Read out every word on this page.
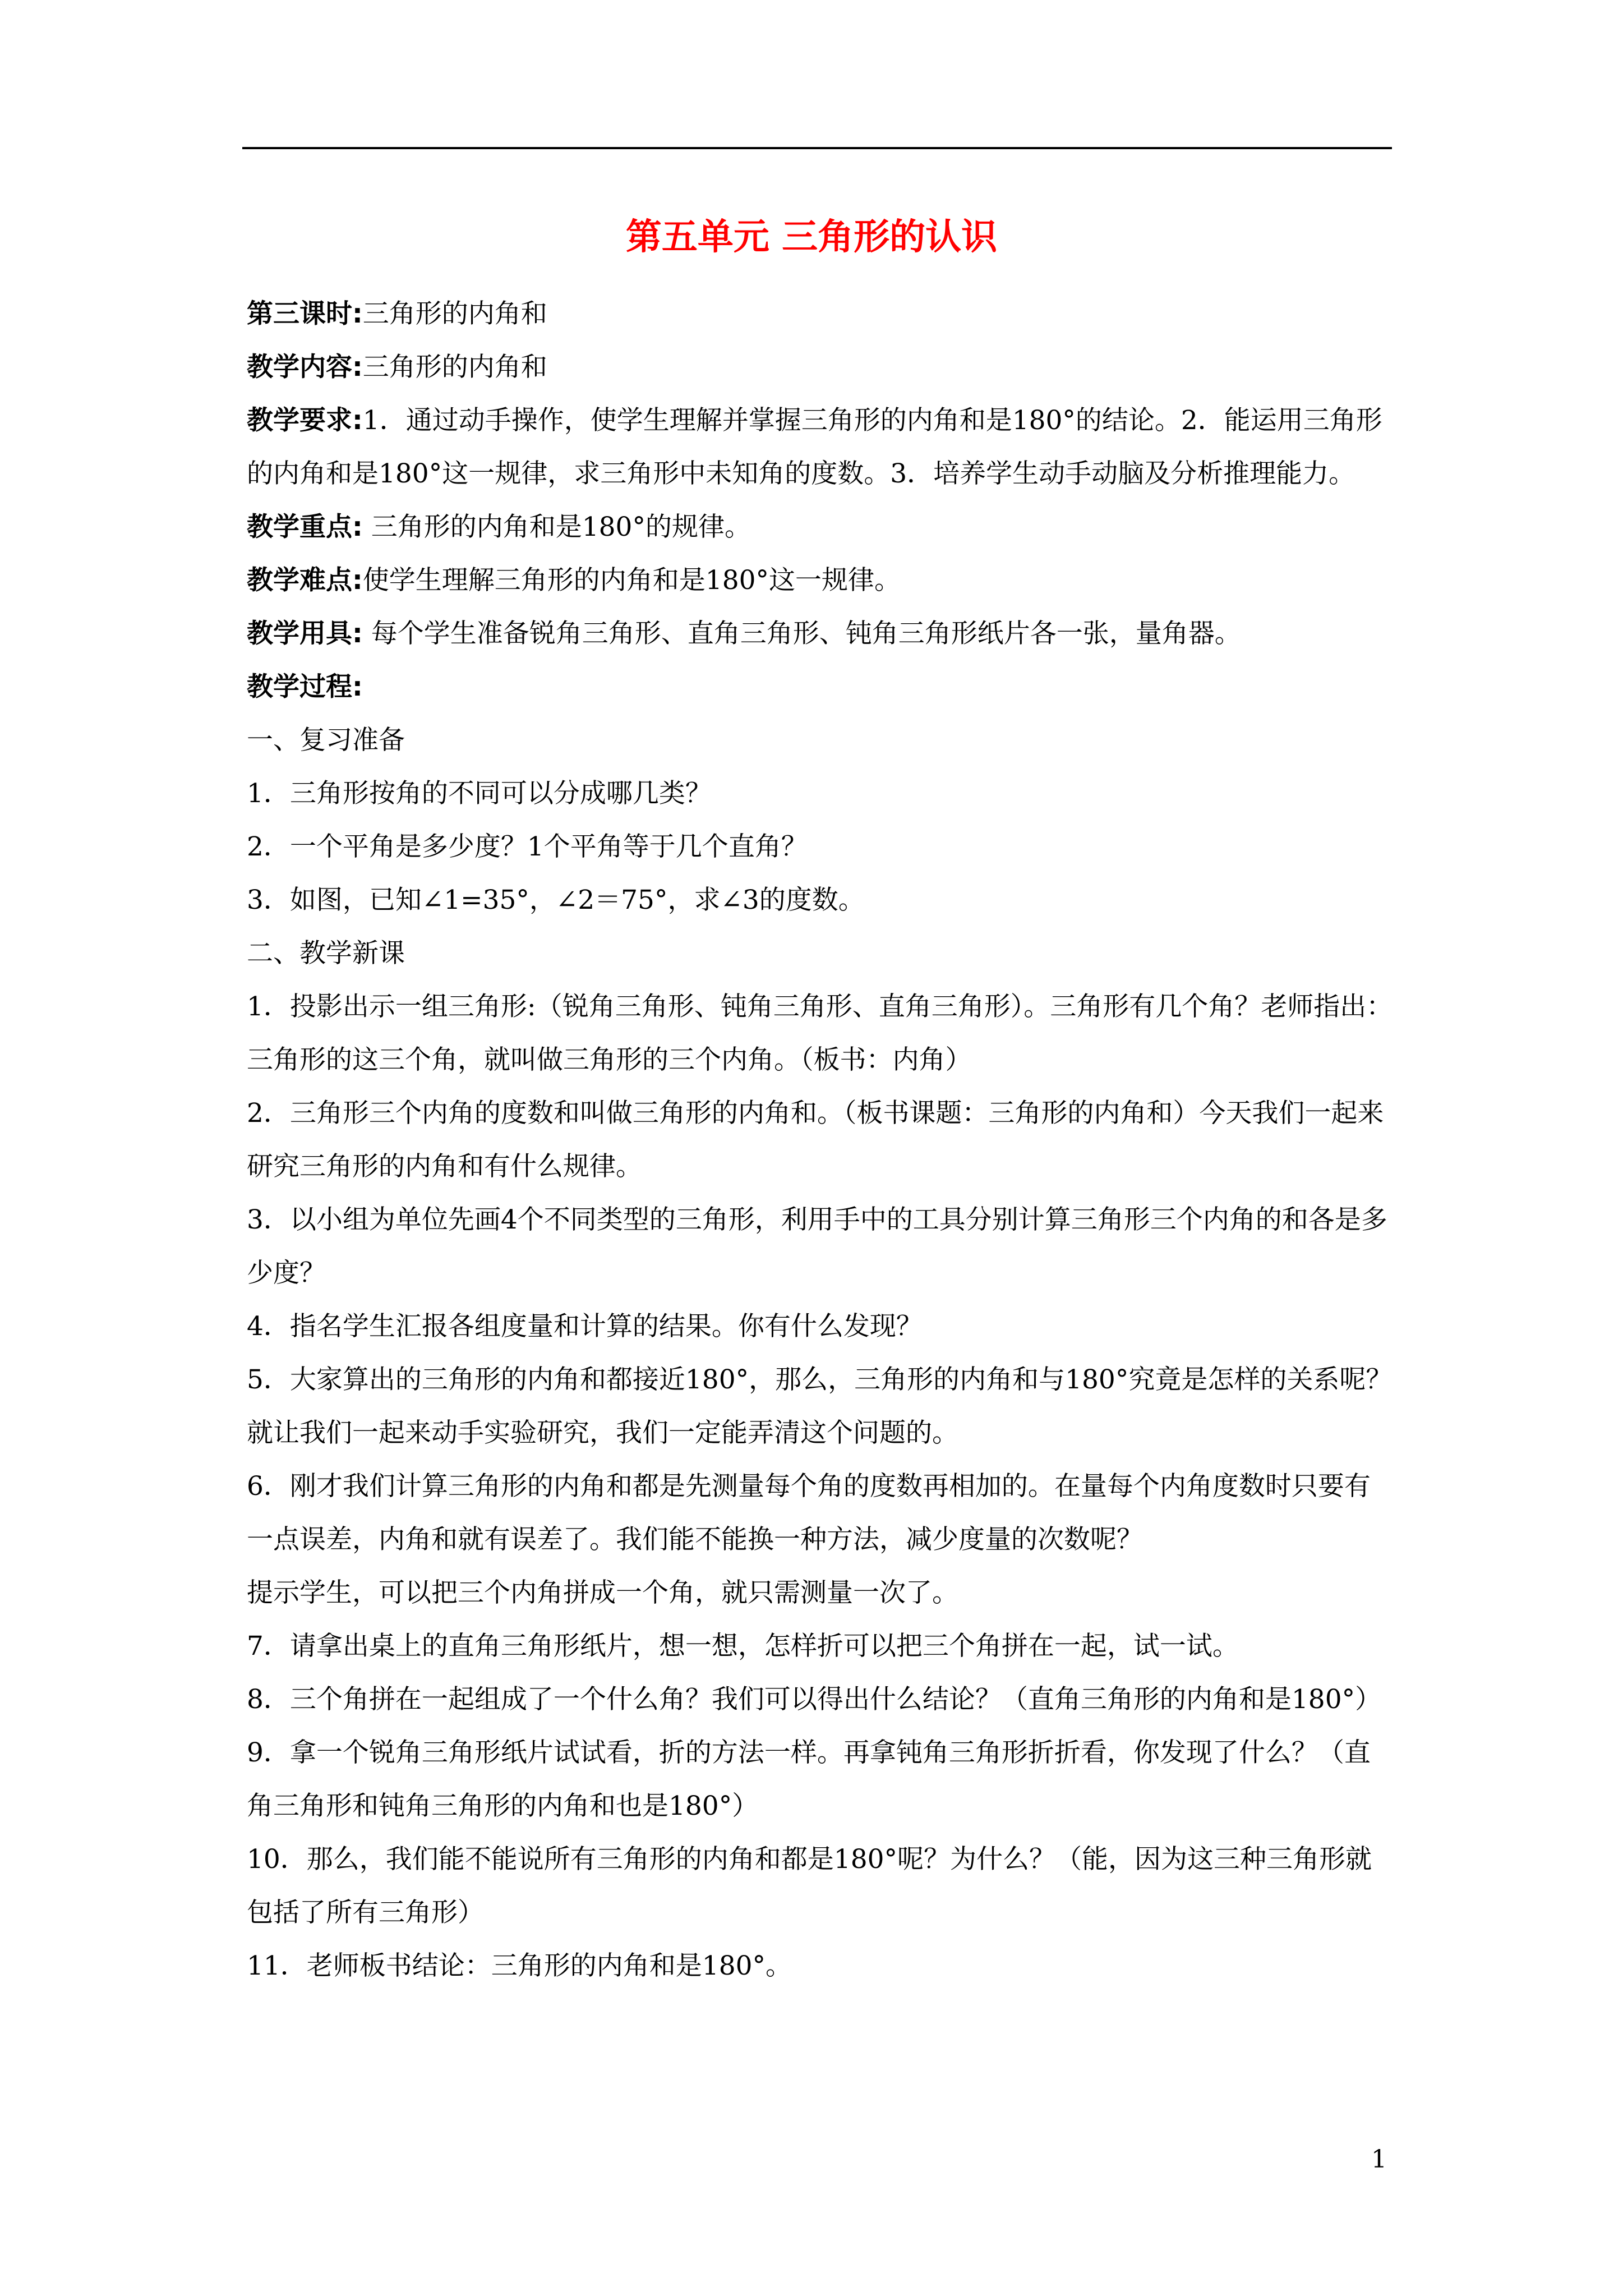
第五单元 三角形的认识

第三课时:三角形的内角和

教学内容:三角形的内角和

教学要求:1．通过动手操作，使学生理解并掌握三角形的内角和是180°的结论。2．能运用三角形的内角和是180°这一规律，求三角形中未知角的度数。3．培养学生动手动脑及分析推理能力。

教学重点: 三角形的内角和是180°的规律。

教学难点:使学生理解三角形的内角和是180°这一规律。

教学用具: 每个学生准备锐角三角形、直角三角形、钝角三角形纸片各一张，量角器。

教学过程:

一、复习准备

1．三角形按角的不同可以分成哪几类？

2．一个平角是多少度？1个平角等于几个直角？

3．如图，已知∠1=35°，∠2＝75°，求∠3的度数。

二、教学新课

1．投影出示一组三角形:（锐角三角形、钝角三角形、直角三角形）。三角形有几个角？老师指出：三角形的这三个角，就叫做三角形的三个内角。（板书：内角）

2．三角形三个内角的度数和叫做三角形的内角和。（板书课题：三角形的内角和）今天我们一起来研究三角形的内角和有什么规律。

3．以小组为单位先画4个不同类型的三角形，利用手中的工具分别计算三角形三个内角的和各是多少度？

4．指名学生汇报各组度量和计算的结果。你有什么发现？

5．大家算出的三角形的内角和都接近180°，那么，三角形的内角和与180°究竟是怎样的关系呢？就让我们一起来动手实验研究，我们一定能弄清这个问题的。

6．刚才我们计算三角形的内角和都是先测量每个角的度数再相加的。在量每个内角度数时只要有一点误差，内角和就有误差了。我们能不能换一种方法，减少度量的次数呢？

提示学生，可以把三个内角拼成一个角，就只需测量一次了。

7．请拿出桌上的直角三角形纸片，想一想，怎样折可以把三个角拼在一起，试一试。

8．三个角拼在一起组成了一个什么角？我们可以得出什么结论？（直角三角形的内角和是180°）

9．拿一个锐角三角形纸片试试看，折的方法一样。再拿钝角三角形折折看，你发现了什么？（直角三角形和钝角三角形的内角和也是180°）

10．那么，我们能不能说所有三角形的内角和都是180°呢？为什么？（能，因为这三种三角形就包括了所有三角形）

11．老师板书结论：三角形的内角和是180°。

1
